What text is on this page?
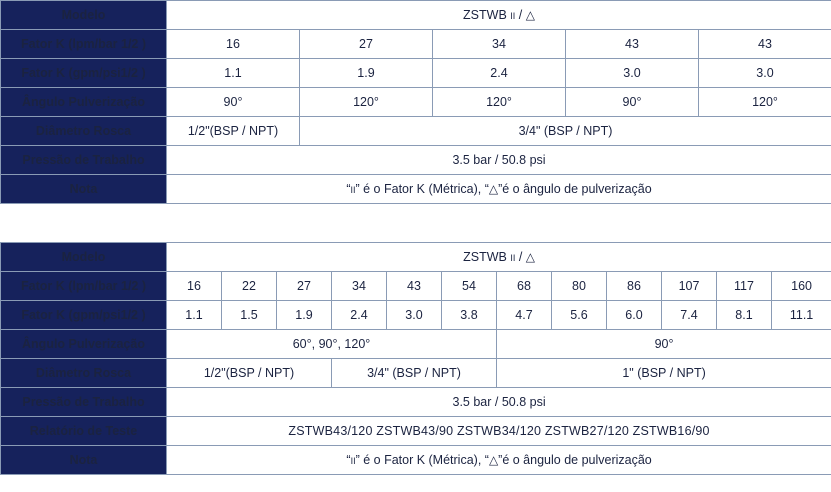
Modelo	ZSTWB II / △				
Fator K (lpm/bar 1/2 )	16	27	34	43	43
Fator K (gpm/psi1/2 )	1.1	1.9	2.4	3.0	3.0
Ângulo Pulverização	90°	120°	120°	90°	120°
Diâmetro Rosca	1/2"(BSP / NPT)	3/4" (BSP / NPT)			
Pressão de Trabalho	3.5 bar / 50.8 psi				
Nota	“II” é o Fator K (Métrica), “△”é o ângulo de pulverização				
Modelo	ZSTWB II / △											
Fator K (lpm/bar 1/2 )	16	22	27	34	43	54	68	80	86	107	117	160
Fator K (gpm/psi1/2 )	1.1	1.5	1.9	2.4	3.0	3.8	4.7	5.6	6.0	7.4	8.1	11.1
Ângulo Pulverização	60°, 90°, 120°						90°					
Diâmetro Rosca	1/2"(BSP / NPT)			3/4" (BSP / NPT)			1" (BSP / NPT)					
Pressão de Trabalho	3.5 bar / 50.8 psi											
Relatório de Teste	ZSTWB43/120 ZSTWB43/90 ZSTWB34/120 ZSTWB27/120 ZSTWB16/90											
Nota	“II” é o Fator K (Métrica), “△”é o ângulo de pulverização											
